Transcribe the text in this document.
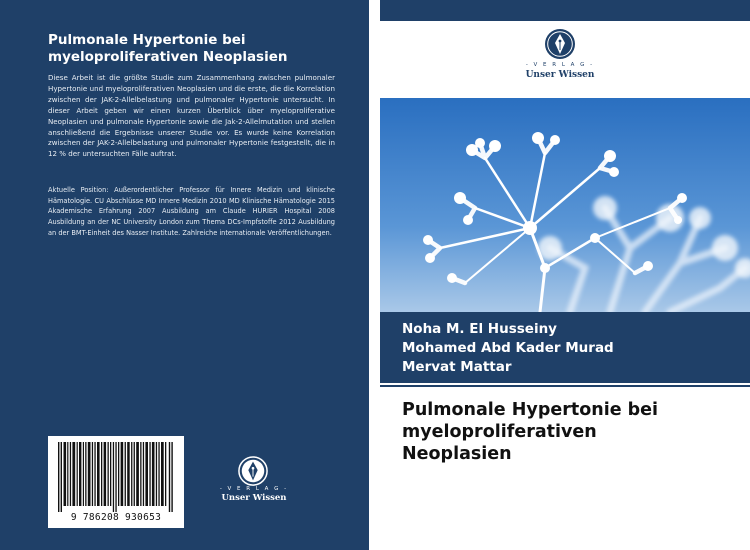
Pulmonale Hypertonie bei
myeloproliferativen Neoplasien

Diese Arbeit ist die größte Studie zum Zusammenhang zwischen pulmonaler Hypertonie und myeloproliferativen Neoplasien und die erste, die die Korrelation zwischen der JAK-2-Allelbelastung und pulmonaler Hypertonie untersucht. In dieser Arbeit geben wir einen kurzen Überblick über myeloproliferative Neoplasien und pulmonale Hypertonie sowie die Jak-2-Allelmutation und stellen anschließend die Ergebnisse unserer Studie vor. Es wurde keine Korrelation zwischen der JAK-2-Allelbelastung und pulmonaler Hypertonie festgestellt, die in 12 % der untersuchten Fälle auftrat.

Aktuelle Position: Außerordentlicher Professor für Innere Medizin und klinische Hämatologie. CU Abschlüsse MD Innere Medizin 2010 MD Klinische Hämatologie 2015 Akademische Erfahrung 2007 Ausbildung am Claude HURIER Hospital 2008 Ausbildung an der NC University London zum Thema DCs-Impfstoffe 2012 Ausbildung an der BMT-Einheit des Nasser Institute. Zahlreiche internationale Veröffentlichungen.

9 786208 930653
- V E R L A G -
Unser Wissen
- V E R L A G -
Unser Wissen
Noha M. El Husseiny
Mohamed Abd Kader Murad
Mervat Mattar
Pulmonale Hypertonie bei
myeloproliferativen
Neoplasien
